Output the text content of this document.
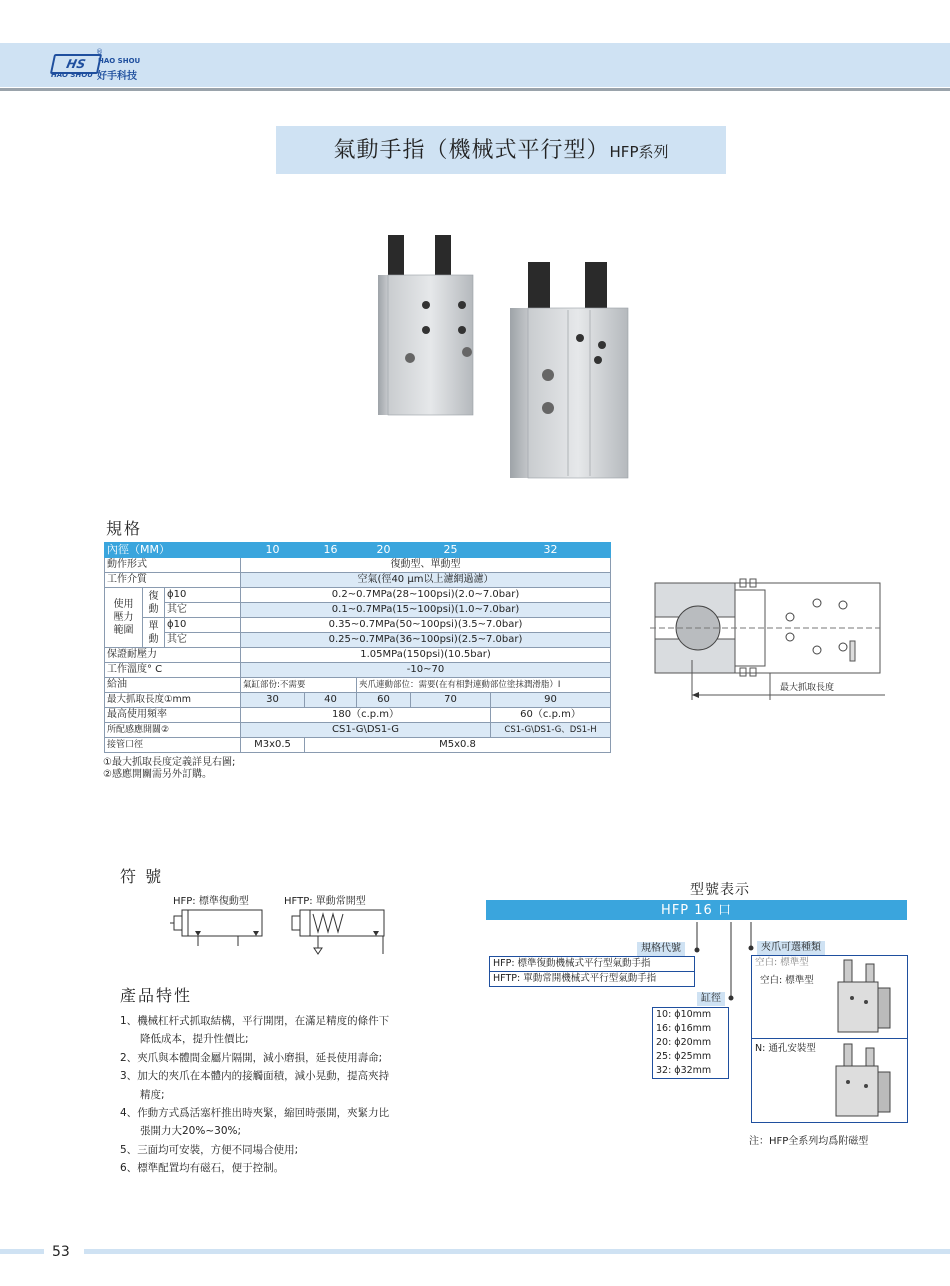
HS
®
HAO SHOU
HAO SHOU 好手科技
氣動手指（機械式平行型）HFP系列
規格
內徑（MM）			10	16	20	25	32
動作形式			復動型、單動型				
工作介質			空氣(徑40 μm以上濾網過濾）				
使用壓力範圍	復動	ϕ10	0.2~0.7MPa(28~100psi)(2.0~7.0bar)				
		其它	0.1~0.7MPa(15~100psi)(1.0~7.0bar)				
	單動	ϕ10	0.35~0.7MPa(50~100psi)(3.5~7.0bar)				
		其它	0.25~0.7MPa(36~100psi)(2.5~7.0bar)				
保證耐壓力			1.05MPa(150psi)(10.5bar)				
工作溫度° C			-10~70				
給油			氣缸部份:不需要		夾爪連動部位：需要(在有相對連動部位塗抹潤滑脂）I		
最大抓取長度①mm			30	40	60	70	90
最高使用頻率			180（c.p.m）				60（c.p.m）
所配感應開關②			CS1-G\DS1-G				CS1-G\DS1-G、DS1-H
接管口徑			M3x0.5	M5x0.8			
①最大抓取長度定義詳見右圖;
②感應開關需另外訂購。
最大抓取長度
符 號
HFP: 標準復動型	HFTP: 單動常開型
產品特性
1、機械杠杆式抓取結構，平行開閉，在滿足精度的條件下
降低成本，提升性價比;
2、夾爪與本體間金屬片隔開，減小磨損，延長使用壽命;
3、加大的夾爪在本體内的接觸面積，減小晃動，提高夾持
精度;
4、作動方式爲活塞杆推出時夾緊，縮回時張開，夾緊力比
張開力大20%~30%;
5、三面均可安裝，方便不同場合使用;
6、標準配置均有磁石，便于控制。
型號表示
HFP 16 口
規格代號
HFP: 標準復動機械式平行型氣動手指
HFTP: 單動常開機械式平行型氣動手指
缸徑
10: ϕ10mm
16: ϕ16mm
20: ϕ20mm
25: ϕ25mm
32: ϕ32mm
夾爪可選種類
空白: 標準型
空白: 標準型
N: 通孔安裝型
注：HFP全系列均爲附磁型
53
